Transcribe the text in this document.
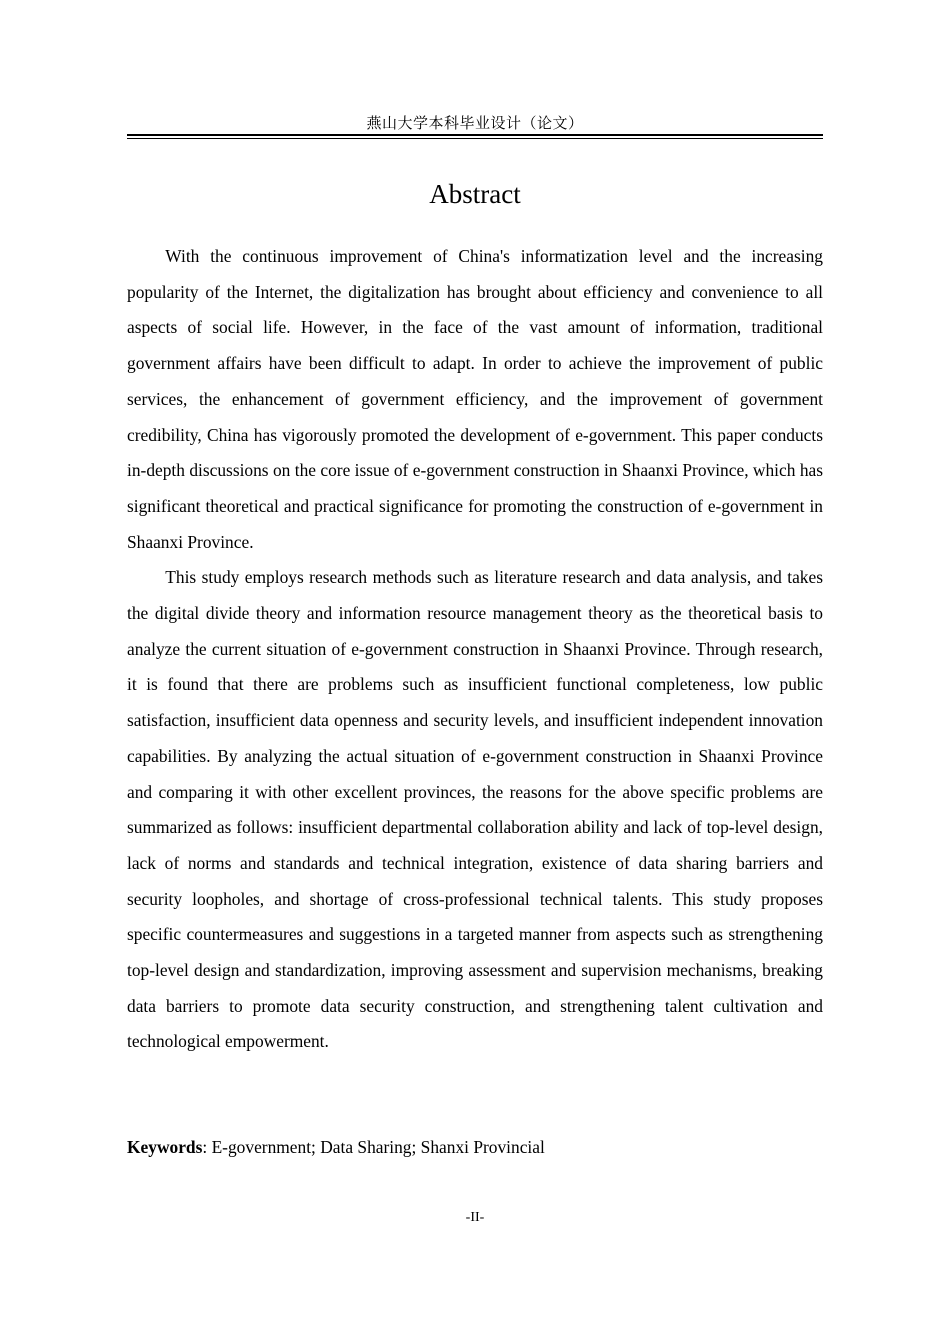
燕山大学本科毕业设计（论文）
Abstract

With the continuous improvement of China's informatization level and the increasing popularity of the Internet, the digitalization has brought about efficiency and convenience to all aspects of social life. However, in the face of the vast amount of information, traditional government affairs have been difficult to adapt. In order to achieve the improvement of public services, the enhancement of government efficiency, and the improvement of government credibility, China has vigorously promoted the development of e-government. This paper conducts in-depth discussions on the core issue of e-government construction in Shaanxi Province, which has significant theoretical and practical significance for promoting the construction of e-government in Shaanxi Province.

This study employs research methods such as literature research and data analysis, and takes the digital divide theory and information resource management theory as the theoretical basis to analyze the current situation of e-government construction in Shaanxi Province. Through research, it is found that there are problems such as insufficient functional completeness, low public satisfaction, insufficient data openness and security levels, and insufficient independent innovation capabilities. By analyzing the actual situation of e-government construction in Shaanxi Province and comparing it with other excellent provinces, the reasons for the above specific problems are summarized as follows: insufficient departmental collaboration ability and lack of top-level design, lack of norms and standards and technical integration, existence of data sharing barriers and security loopholes, and shortage of cross-professional technical talents. This study proposes specific countermeasures and suggestions in a targeted manner from aspects such as strengthening top-level design and standardization, improving assessment and supervision mechanisms, breaking data barriers to promote data security construction, and strengthening talent cultivation and technological empowerment.

Keywords: E-government; Data Sharing; Shanxi Provincial
-II-
